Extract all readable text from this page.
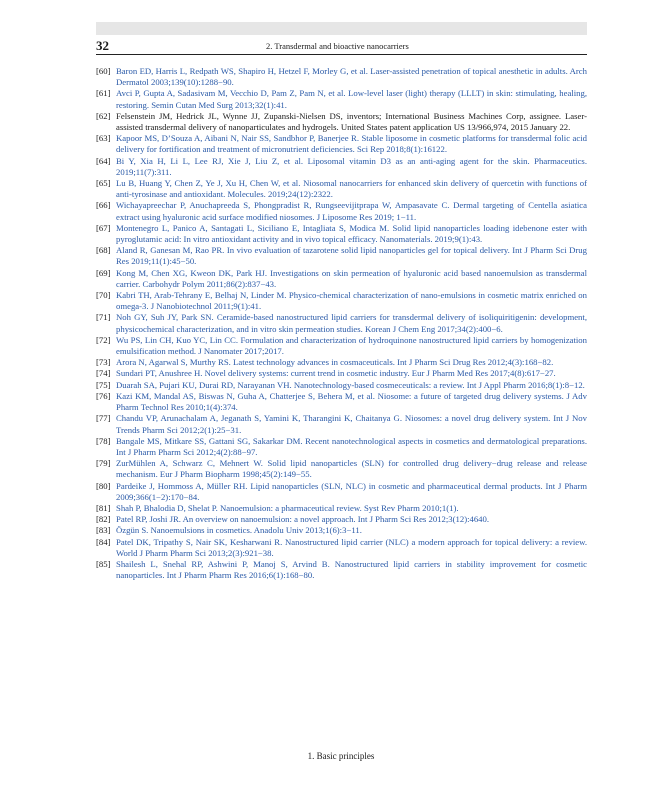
32	2. Transdermal and bioactive nanocarriers
[60] Baron ED, Harris L, Redpath WS, Shapiro H, Hetzel F, Morley G, et al. Laser-assisted penetration of topical anesthetic in adults. Arch Dermatol 2003;139(10):1288−90.
[61] Avci P, Gupta A, Sadasivam M, Vecchio D, Pam Z, Pam N, et al. Low-level laser (light) therapy (LLLT) in skin: stimulating, healing, restoring. Semin Cutan Med Surg 2013;32(1):41.
[62] Felsenstein JM, Hedrick JL, Wynne JJ, Zupanski-Nielsen DS, inventors; International Business Machines Corp, assignee. Laser-assisted transdermal delivery of nanoparticulates and hydrogels. United States patent application US 13/966,974, 2015 January 22.
[63] Kapoor MS, D’Souza A, Aibani N, Nair SS, Sandbhor P, Banerjee R. Stable liposome in cosmetic platforms for transdermal folic acid delivery for fortification and treatment of micronutrient deficiencies. Sci Rep 2018;8(1):16122.
[64] Bi Y, Xia H, Li L, Lee RJ, Xie J, Liu Z, et al. Liposomal vitamin D3 as an anti-aging agent for the skin. Pharmaceutics. 2019;11(7):311.
[65] Lu B, Huang Y, Chen Z, Ye J, Xu H, Chen W, et al. Niosomal nanocarriers for enhanced skin delivery of quercetin with functions of anti-tyrosinase and antioxidant. Molecules. 2019;24(12):2322.
[66] Wichayapreechar P, Anuchapreeda S, Phongpradist R, Rungseevijitprapa W, Ampasavate C. Dermal targeting of Centella asiatica extract using hyaluronic acid surface modified niosomes. J Liposome Res 2019; 1−11.
[67] Montenegro L, Panico A, Santagati L, Siciliano E, Intagliata S, Modica M. Solid lipid nanoparticles loading idebenone ester with pyroglutamic acid: In vitro antioxidant activity and in vivo topical efficacy. Nanomaterials. 2019;9(1):43.
[68] Aland R, Ganesan M, Rao PR. In vivo evaluation of tazarotene solid lipid nanoparticles gel for topical delivery. Int J Pharm Sci Drug Res 2019;11(1):45−50.
[69] Kong M, Chen XG, Kweon DK, Park HJ. Investigations on skin permeation of hyaluronic acid based nanoemulsion as transdermal carrier. Carbohydr Polym 2011;86(2):837−43.
[70] Kabri TH, Arab-Tehrany E, Belhaj N, Linder M. Physico-chemical characterization of nano-emulsions in cosmetic matrix enriched on omega-3. J Nanobiotechnol 2011;9(1):41.
[71] Noh GY, Suh JY, Park SN. Ceramide-based nanostructured lipid carriers for transdermal delivery of isoliquiritigenin: development, physicochemical characterization, and in vitro skin permeation studies. Korean J Chem Eng 2017;34(2):400−6.
[72] Wu PS, Lin CH, Kuo YC, Lin CC. Formulation and characterization of hydroquinone nanostructured lipid carriers by homogenization emulsification method. J Nanomater 2017;2017.
[73] Arora N, Agarwal S, Murthy RS. Latest technology advances in cosmaceuticals. Int J Pharm Sci Drug Res 2012;4(3):168−82.
[74] Sundari PT, Anushree H. Novel delivery systems: current trend in cosmetic industry. Eur J Pharm Med Res 2017;4(8):617−27.
[75] Duarah SA, Pujari KU, Durai RD, Narayanan VH. Nanotechnology-based cosmeceuticals: a review. Int J Appl Pharm 2016;8(1):8−12.
[76] Kazi KM, Mandal AS, Biswas N, Guha A, Chatterjee S, Behera M, et al. Niosome: a future of targeted drug delivery systems. J Adv Pharm Technol Res 2010;1(4):374.
[77] Chandu VP, Arunachalam A, Jeganath S, Yamini K, Tharangini K, Chaitanya G. Niosomes: a novel drug delivery system. Int J Nov Trends Pharm Sci 2012;2(1):25−31.
[78] Bangale MS, Mitkare SS, Gattani SG, Sakarkar DM. Recent nanotechnological aspects in cosmetics and dermatological preparations. Int J Pharm Pharm Sci 2012;4(2):88−97.
[79] ZurMühlen A, Schwarz C, Mehnert W. Solid lipid nanoparticles (SLN) for controlled drug delivery−drug release and release mechanism. Eur J Pharm Biopharm 1998;45(2):149−55.
[80] Pardeike J, Hommoss A, Müller RH. Lipid nanoparticles (SLN, NLC) in cosmetic and pharmaceutical dermal products. Int J Pharm 2009;366(1−2):170−84.
[81] Shah P, Bhalodia D, Shelat P. Nanoemulsion: a pharmaceutical review. Syst Rev Pharm 2010;1(1).
[82] Patel RP, Joshi JR. An overview on nanoemulsion: a novel approach. Int J Pharm Sci Res 2012;3(12):4640.
[83] Özgün S. Nanoemulsions in cosmetics. Anadolu Univ 2013;1(6):3−11.
[84] Patel DK, Tripathy S, Nair SK, Kesharwani R. Nanostructured lipid carrier (NLC) a modern approach for topical delivery: a review. World J Pharm Pharm Sci 2013;2(3):921−38.
[85] Shailesh L, Snehal RP, Ashwini P, Manoj S, Arvind B. Nanostructured lipid carriers in stability improvement for cosmetic nanoparticles. Int J Pharm Pharm Res 2016;6(1):168−80.
1. Basic principles
